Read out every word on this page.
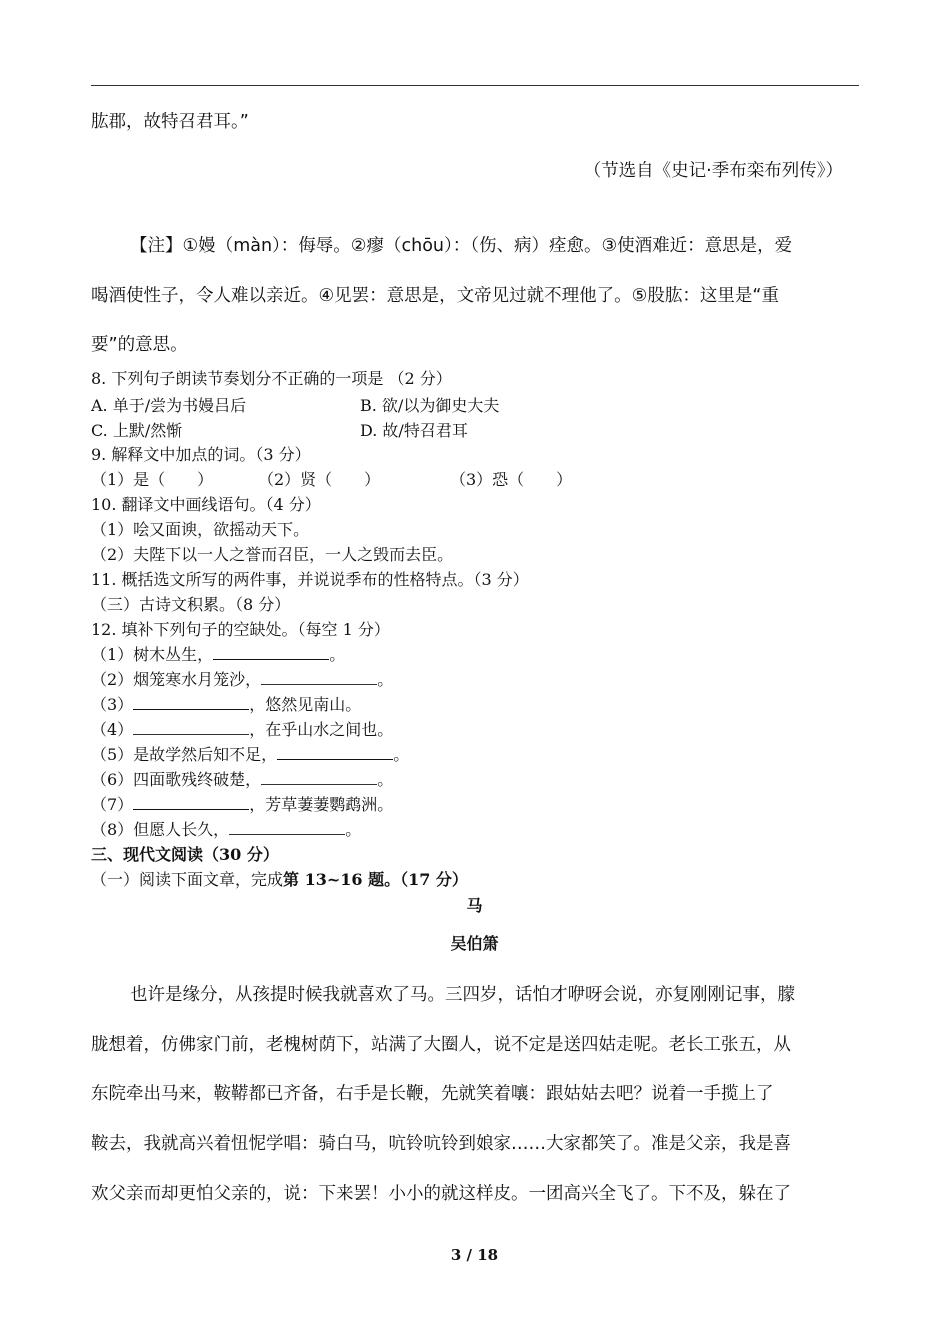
肱郡，故特召君耳。”
（节选自《史记·季布栾布列传》）
【注】①嫚（màn）：侮辱。②瘳（chōu）：（伤、病）痊愈。③使酒难近：意思是，爱
喝酒使性子，令人难以亲近。④见罢：意思是，文帝见过就不理他了。⑤股肱：这里是“重
要”的意思。
8. 下列句子朗读节奏划分不正确的一项是 （2 分）
A. 单于/尝为书嫚吕后	B. 欲/以为御史大夫
C. 上默/然惭	D. 故/特召君耳
9. 解释文中加点的词。（3 分）
（1）是（　　）	（2）贤（　　）	（3）恐（　　）
10. 翻译文中画线语句。（4 分）
（1）哙又面谀，欲摇动天下。
（2）夫陛下以一人之誉而召臣，一人之毁而去臣。
11. 概括选文所写的两件事，并说说季布的性格特点。（3 分）
（三）古诗文积累。（8 分）
12. 填补下列句子的空缺处。（每空 1 分）
（1）树木丛生，	。
（2）烟笼寒水月笼沙，	。
（3）	，悠然见南山。
（4）	，在乎山水之间也。
（5）是故学然后知不足，	。
（6）四面歌残终破楚，	。
（7）	，芳草萋萋鹦鹉洲。
（8）但愿人长久，	。
三、现代文阅读（30 分）
（一）阅读下面文章，完成第 13~16 题。（17 分）
马
吴伯箫
也许是缘分，从孩提时候我就喜欢了马。三四岁，话怕才咿呀会说，亦复刚刚记事，朦
胧想着，仿佛家门前，老槐树荫下，站满了大圈人，说不定是送四姑走呢。老长工张五，从
东院牵出马来，鞍鞯都已齐备，右手是长鞭，先就笑着嚷：跟姑姑去吧？说着一手揽上了
鞍去，我就高兴着忸怩学唱：骑白马，吭铃吭铃到娘家……大家都笑了。准是父亲，我是喜
欢父亲而却更怕父亲的，说：下来罢！小小的就这样皮。一团高兴全飞了。下不及，躲在了
3 / 18
